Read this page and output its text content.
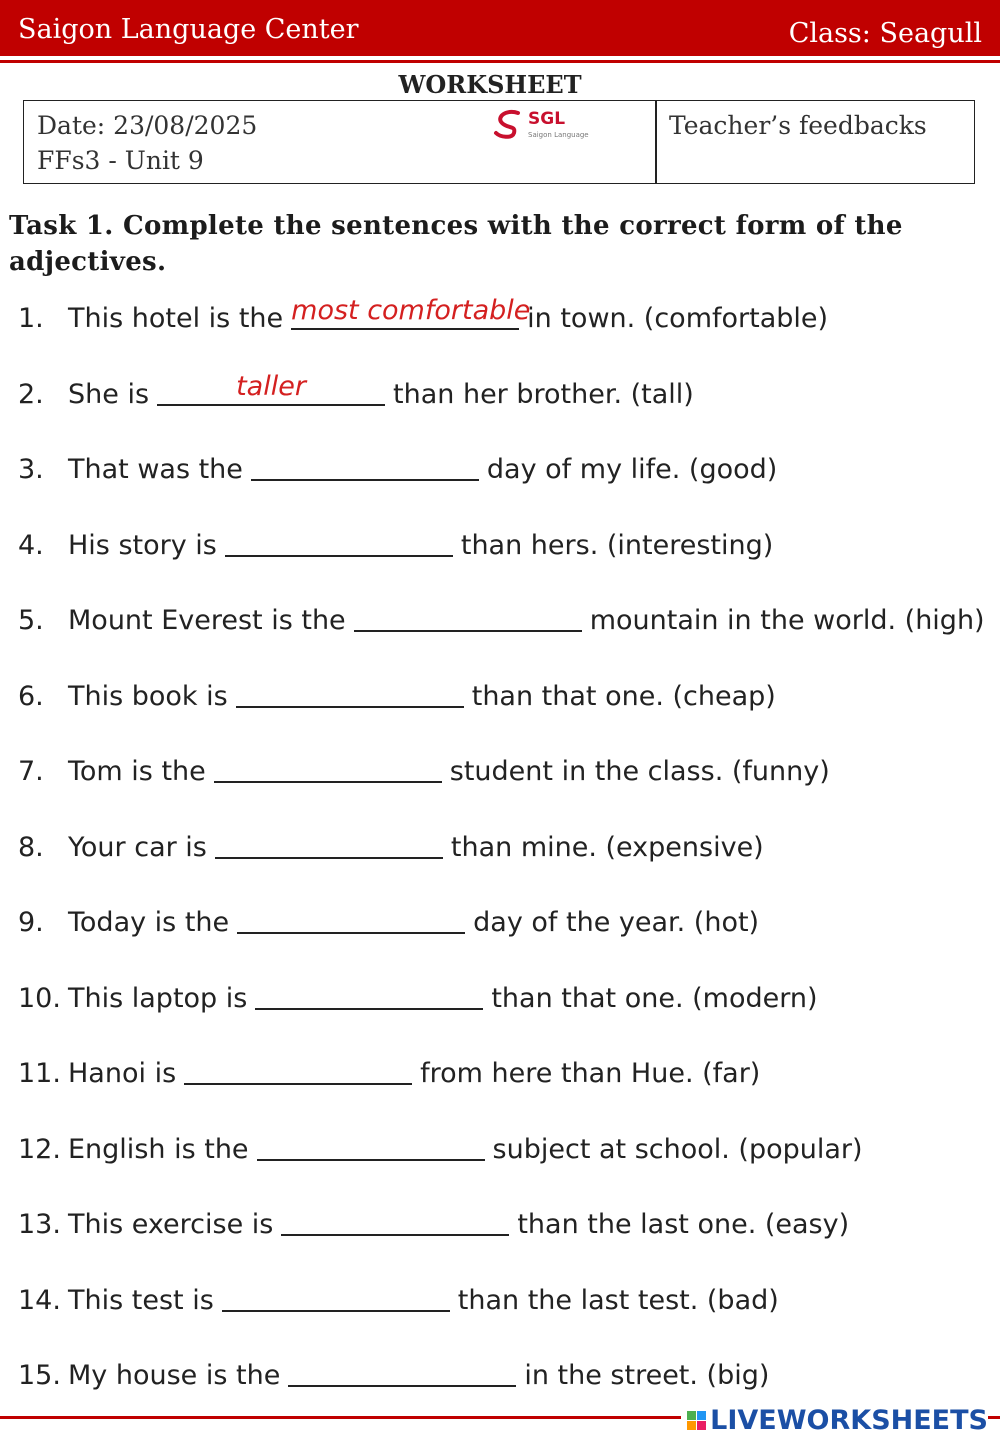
Saigon Language Center	Class: Seagull
WORKSHEET
Date: 23/08/2025
FFs3 - Unit 9
SGL
Saigon Language	Teacher’s feedbacks
Task 1. Complete the sentences with the correct form of the adjectives.
1. This hotel is the most comfortable
in town. (comfortable)
2. She is	taller	than her brother. (tall)
3. That was the	day of my life. (good)
4. His story is	than hers. (interesting)
5. Mount Everest is the	mountain in the world. (high)
6. This book is	than that one. (cheap)
7. Tom is the	student in the class. (funny)
8. Your car is	than mine. (expensive)
9. Today is the	day of the year. (hot)
10. This laptop is	than that one. (modern)
11. Hanoi is	from here than Hue. (far)
12. English is the	subject at school. (popular)
13. This exercise is	than the last one. (easy)
14. This test is	than the last test. (bad)
15. My house is the	in the street. (big)
LIVEWORKSHEETS
